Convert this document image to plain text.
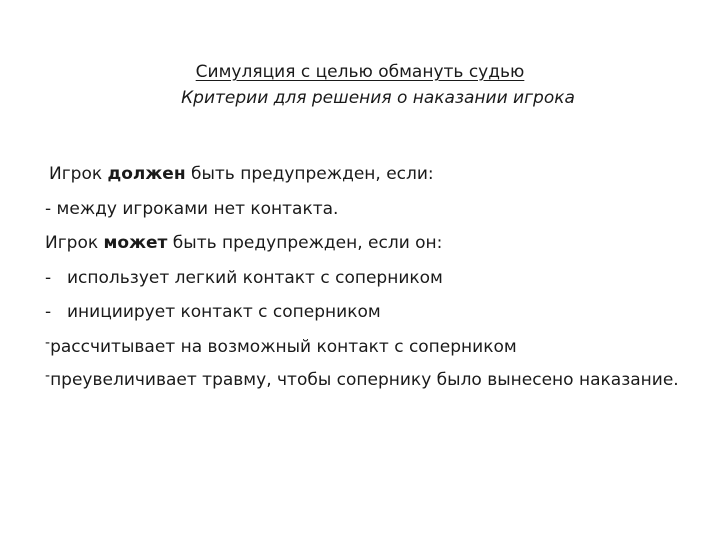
Симуляция с целью обмануть судью
Критерии для решения о наказании игрока

Игрок должен быть предупрежден, если:

- между игроками нет контакта.

Игрок может быть предупрежден, если он:

- использует легкий контакт с соперником

- инициирует контакт с соперником

-рассчитывает на возможный контакт с соперником

-преувеличивает травму, чтобы сопернику было вынесено наказание.
